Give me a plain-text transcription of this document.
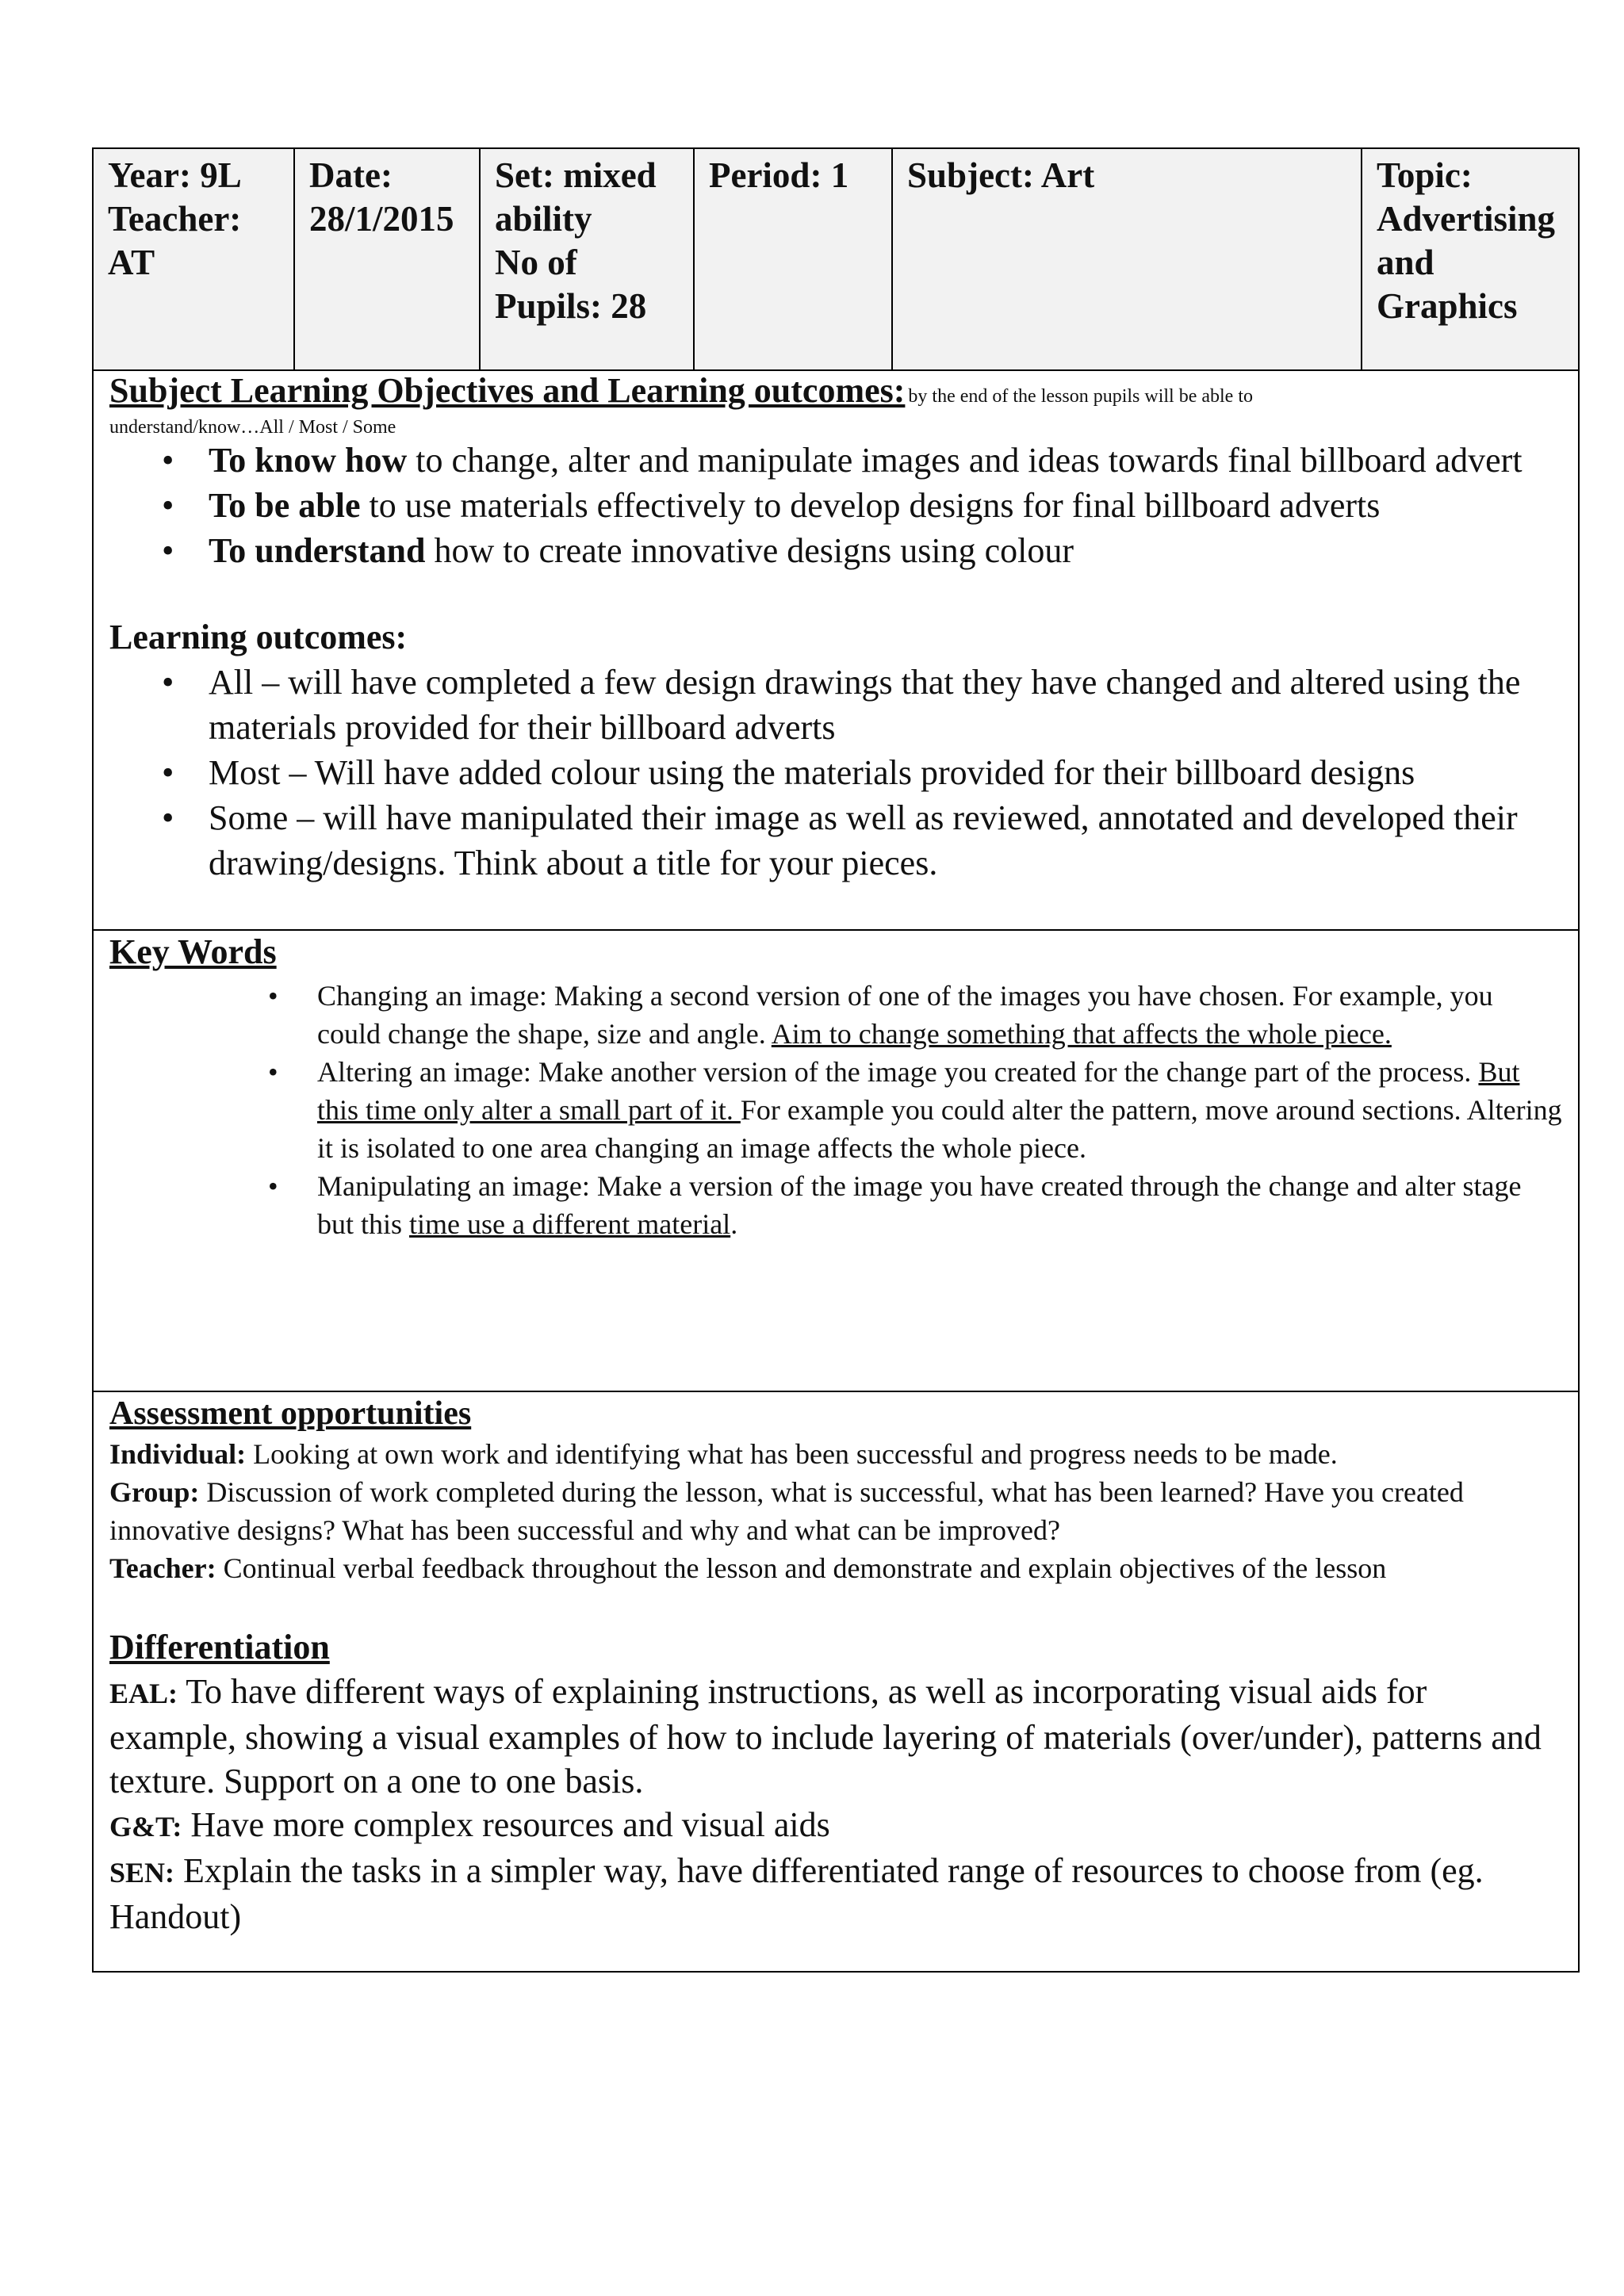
Year: 9L
Teacher:
AT
Date:
28/1/2015
Set: mixed
ability
No of
Pupils: 28
Period: 1	Subject: Art	Topic:
Advertising
and
Graphics
Subject Learning Objectives and Learning outcomes: by the end of the lesson pupils will be able to
understand/know…All / Most / Some
• To know how to change, alter and manipulate images and ideas towards final billboard advert
• To be able to use materials effectively to develop designs for final billboard adverts
• To understand how to create innovative designs using colour
Learning outcomes:
• All – will have completed a few design drawings that they have changed and altered using the materials provided for their billboard adverts
• Most – Will have added colour using the materials provided for their billboard designs
• Some – will have manipulated their image as well as reviewed, annotated and developed their drawing/designs. Think about a title for your pieces.
Key Words
• Changing an image: Making a second version of one of the images you have chosen. For example, you could change the shape, size and angle. Aim to change something that affects the whole piece.
• Altering an image: Make another version of the image you created for the change part of the process. But this time only alter a small part of it. For example you could alter the pattern, move around sections. Altering it is isolated to one area changing an image affects the whole piece.
• Manipulating an image: Make a version of the image you have created through the change and alter stage but this time use a different material.
Assessment opportunities
Individual: Looking at own work and identifying what has been successful and progress needs to be made.
Group: Discussion of work completed during the lesson, what is successful, what has been learned? Have you created innovative designs? What has been successful and why and what can be improved?
Teacher: Continual verbal feedback throughout the lesson and demonstrate and explain objectives of the lesson
Differentiation
EAL: To have different ways of explaining instructions, as well as incorporating visual aids for example, showing a visual examples of how to include layering of materials (over/under), patterns and texture. Support on a one to one basis.
G&T: Have more complex resources and visual aids
SEN: Explain the tasks in a simpler way, have differentiated range of resources to choose from (eg. Handout)
